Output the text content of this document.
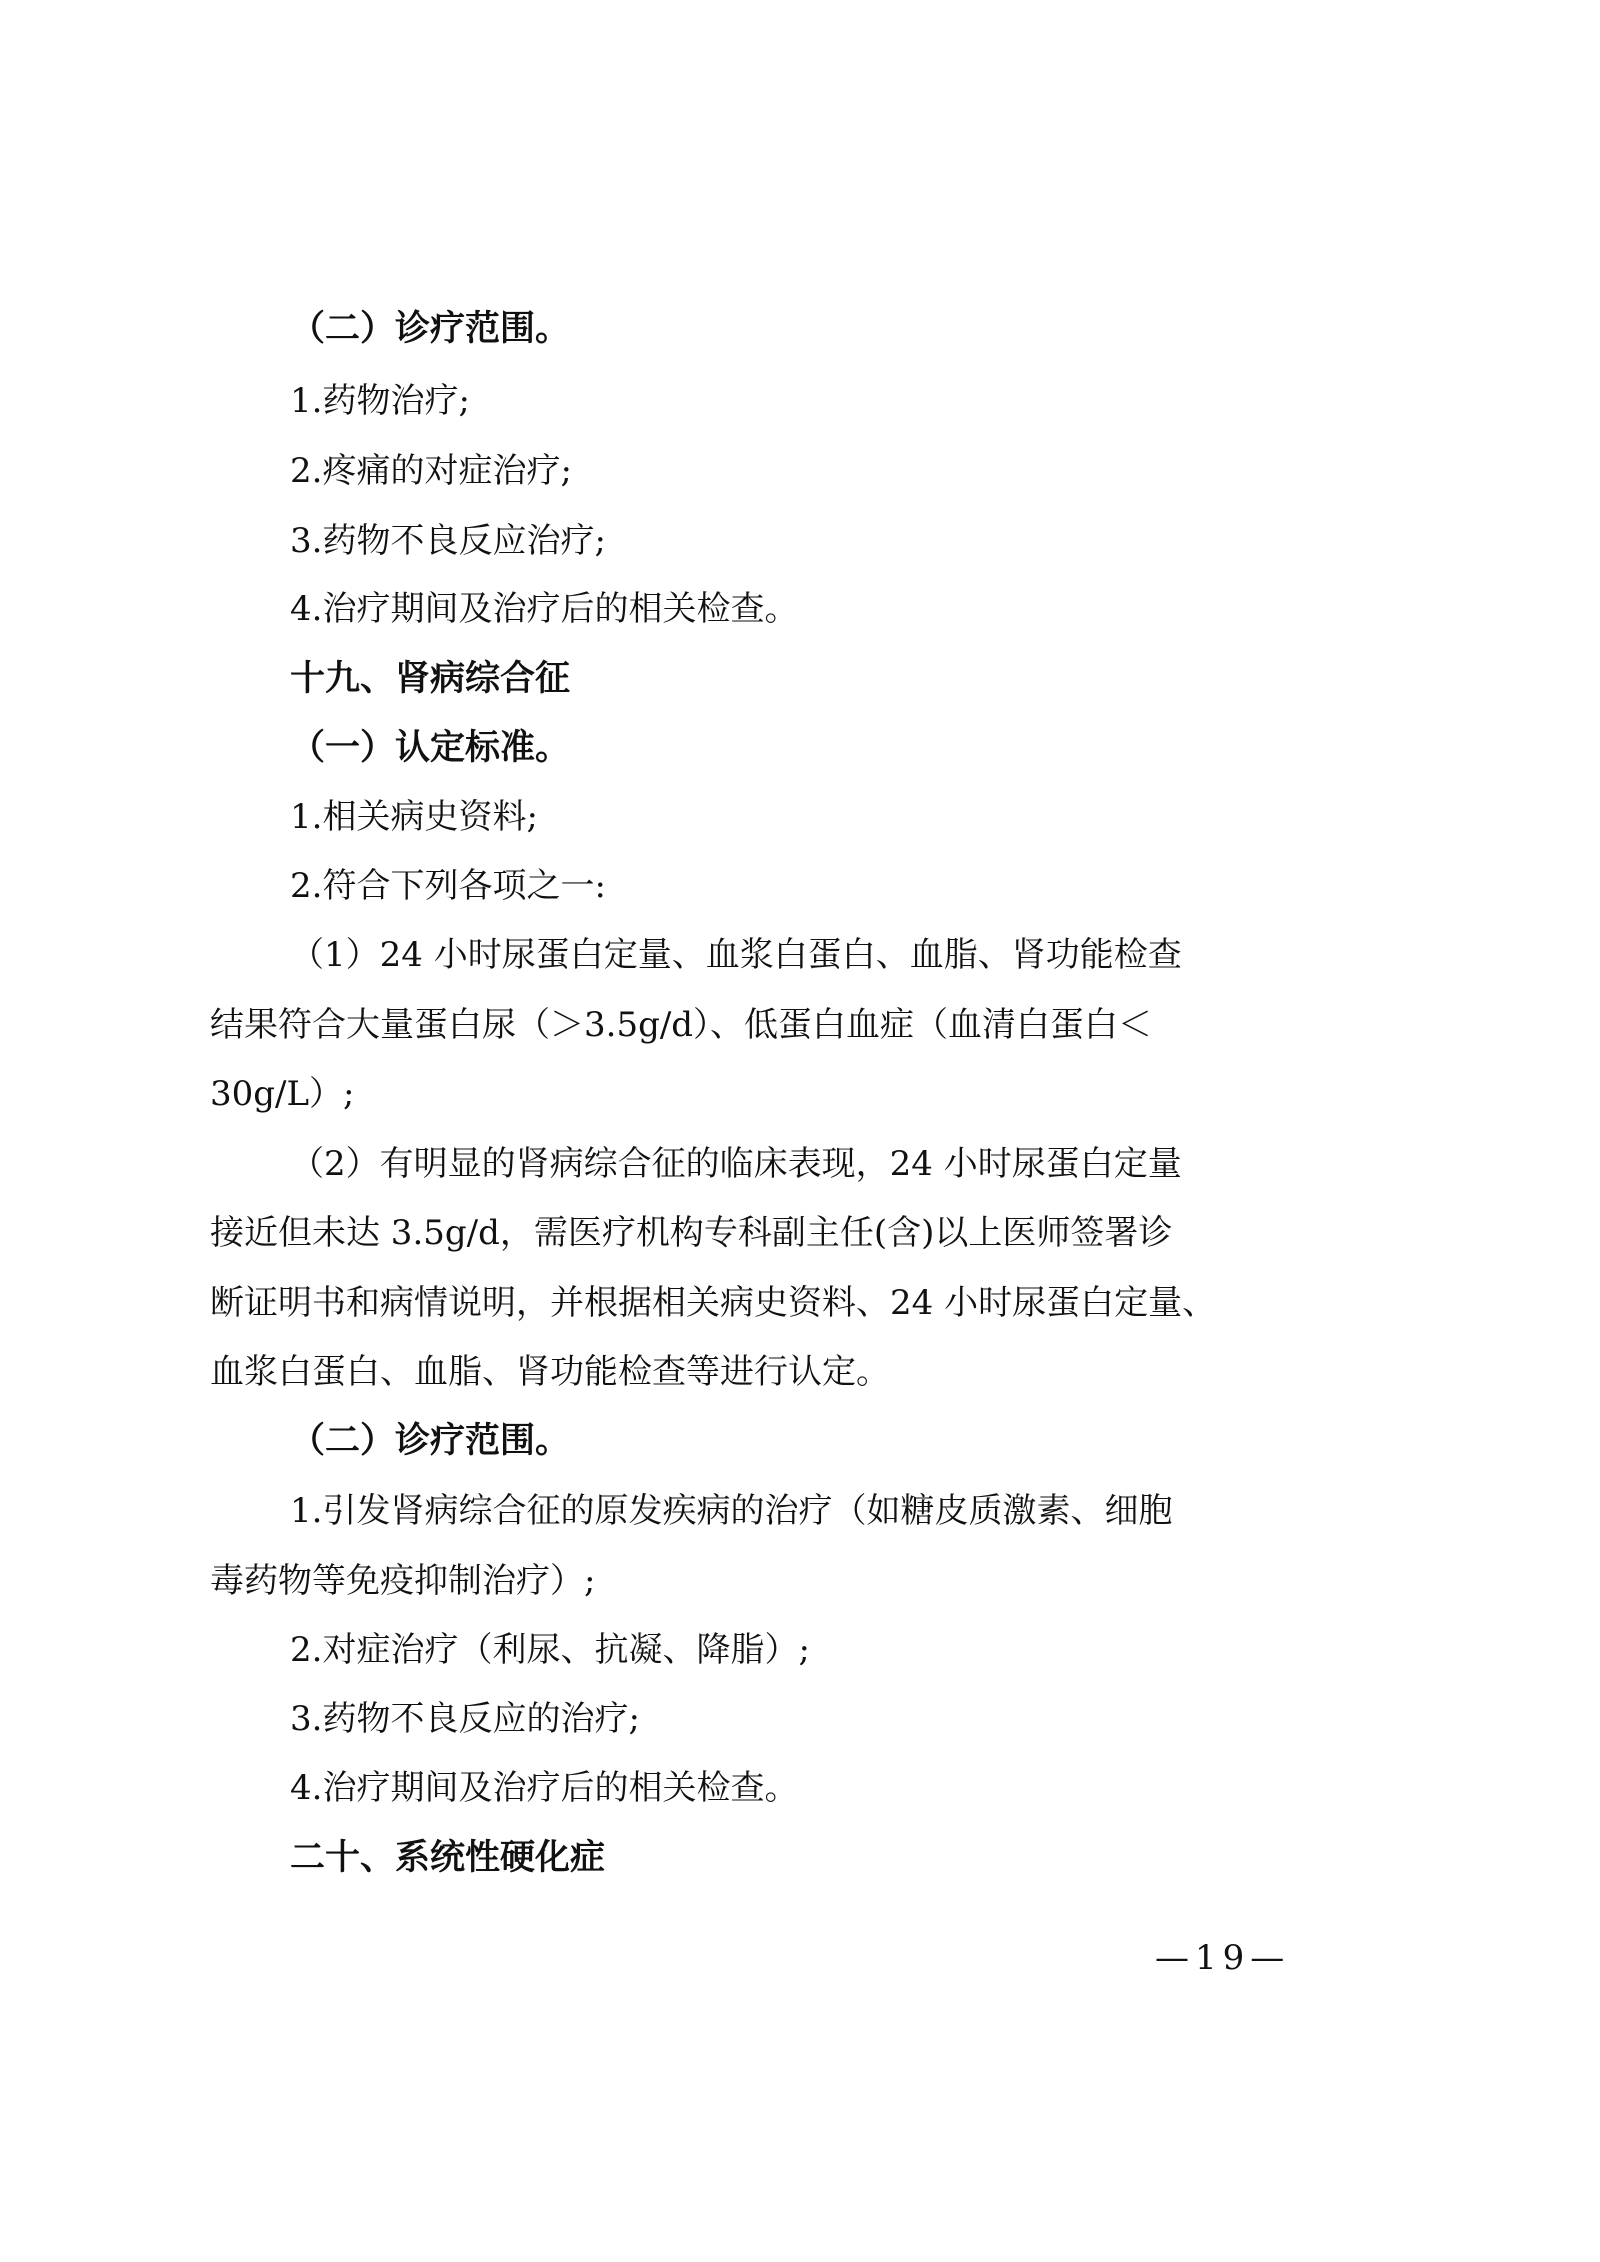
（二）诊疗范围。
1.药物治疗;
2.疼痛的对症治疗;
3.药物不良反应治疗;
4.治疗期间及治疗后的相关检查。
十九、肾病综合征
（一）认定标准。
1.相关病史资料;
2.符合下列各项之一:
（1）24 小时尿蛋白定量、血浆白蛋白、血脂、肾功能检查
结果符合大量蛋白尿（＞3.5g/d）、低蛋白血症（血清白蛋白＜
30g/L）;
（2）有明显的肾病综合征的临床表现，24 小时尿蛋白定量
接近但未达 3.5g/d，需医疗机构专科副主任(含)以上医师签署诊
断证明书和病情说明，并根据相关病史资料、24 小时尿蛋白定量、
血浆白蛋白、血脂、肾功能检查等进行认定。
（二）诊疗范围。
1.引发肾病综合征的原发疾病的治疗（如糖皮质激素、细胞
毒药物等免疫抑制治疗）;
2.对症治疗（利尿、抗凝、降脂）;
3.药物不良反应的治疗;
4.治疗期间及治疗后的相关检查。
二十、系统性硬化症
—19—
